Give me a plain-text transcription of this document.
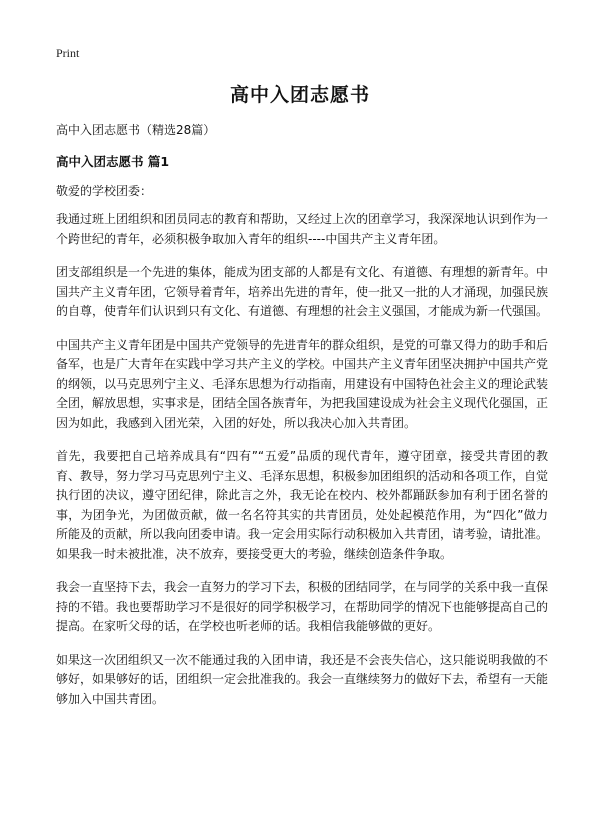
Print
高中入团志愿书
高中入团志愿书（精选28篇）
高中入团志愿书 篇1
敬爱的学校团委：

我通过班上团组织和团员同志的教育和帮助，又经过上次的团章学习，我深深地认识到作为一个跨世纪的青年，必须积极争取加入青年的组织----中国共产主义青年团。

团支部组织是一个先进的集体，能成为团支部的人都是有文化、有道德、有理想的新青年。中国共产主义青年团，它领导着青年，培养出先进的青年，使一批又一批的人才涌现，加强民族的自尊，使青年们认识到只有文化、有道德、有理想的社会主义强国，才能成为新一代强国。

中国共产主义青年团是中国共产党领导的先进青年的群众组织，是党的可靠又得力的助手和后备军，也是广大青年在实践中学习共产主义的学校。中国共产主义青年团坚决拥护中国共产党的纲领，以马克思列宁主义、毛泽东思想为行动指南，用建设有中国特色社会主义的理论武装全团，解放思想，实事求是，团结全国各族青年，为把我国建设成为社会主义现代化强国，正因为如此，我感到入团光荣，入团的好处，所以我决心加入共青团。

首先，我要把自己培养成具有“四有”“五爱”品质的现代青年，遵守团章，接受共青团的教育、教导，努力学习马克思列宁主义、毛泽东思想，积极参加团组织的活动和各项工作，自觉执行团的决议，遵守团纪律，除此言之外，我无论在校内、校外都踊跃参加有利于团名誉的事，为团争光，为团做贡献，做一名名符其实的共青团员，处处起模范作用，为“四化”做力所能及的贡献，所以我向团委申请。我一定会用实际行动积极加入共青团，请考验，请批准。如果我一时未被批准，决不放弃，要接受更大的考验，继续创造条件争取。

我会一直坚持下去，我会一直努力的学习下去，积极的团结同学，在与同学的关系中我一直保持的不错。我也要帮助学习不是很好的同学积极学习，在帮助同学的情况下也能够提高自己的提高。在家听父母的话，在学校也听老师的话。我相信我能够做的更好。

如果这一次团组织又一次不能通过我的入团申请，我还是不会丧失信心，这只能说明我做的不够好，如果够好的话，团组织一定会批准我的。我会一直继续努力的做好下去，希望有一天能够加入中国共青团。
